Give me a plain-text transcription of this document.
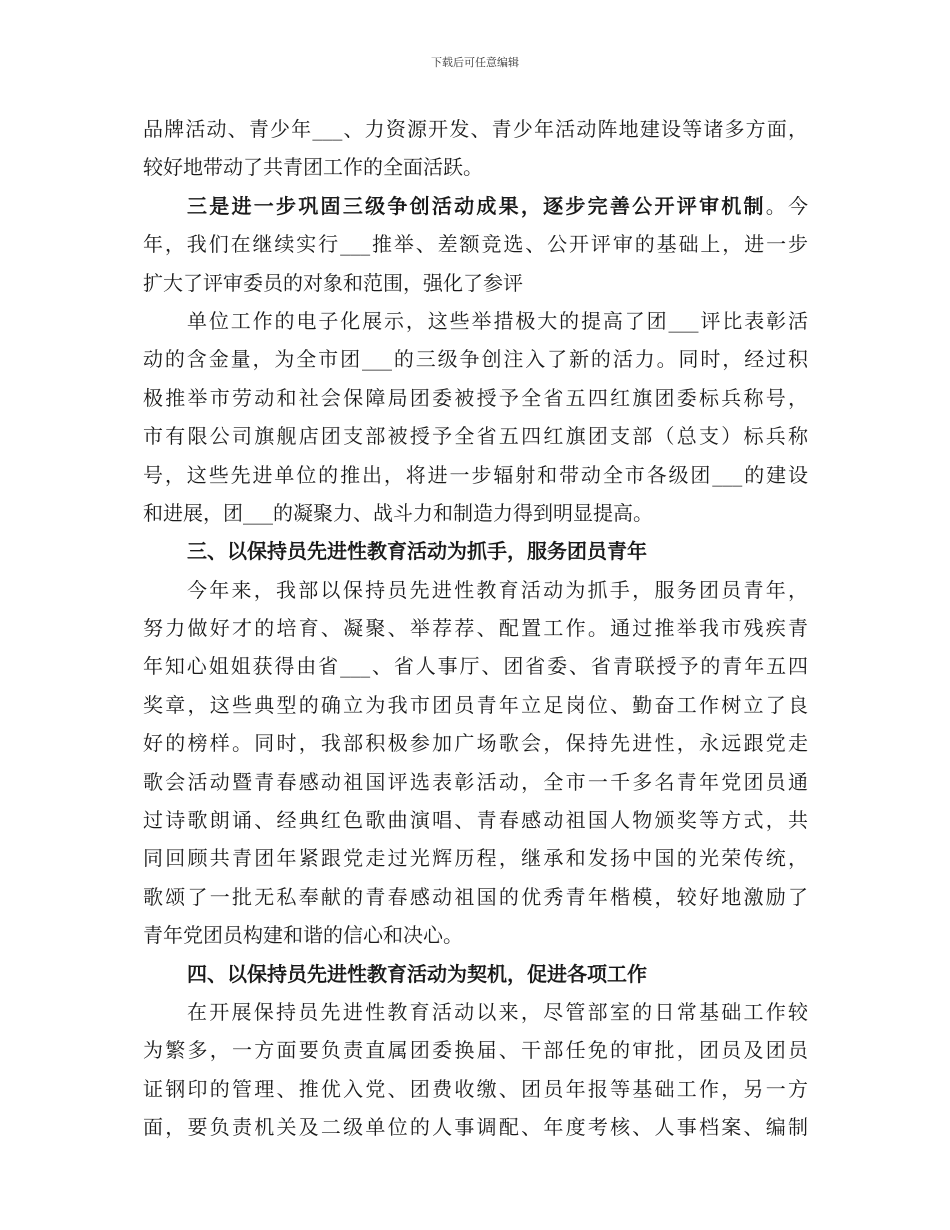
下载后可任意编辑
品牌活动、青少年___、力资源开发、青少年活动阵地建设等诸多方面，
较好地带动了共青团工作的全面活跃。
三是进一步巩固三级争创活动成果，逐步完善公开评审机制。今
年，我们在继续实行___推举、差额竞选、公开评审的基础上，进一步
扩大了评审委员的对象和范围，强化了参评
单位工作的电子化展示，这些举措极大的提高了团___评比表彰活
动的含金量，为全市团___的三级争创注入了新的活力。同时，经过积
极推举市劳动和社会保障局团委被授予全省五四红旗团委标兵称号，
市有限公司旗舰店团支部被授予全省五四红旗团支部（总支）标兵称
号，这些先进单位的推出，将进一步辐射和带动全市各级团___的建设
和进展，团___的凝聚力、战斗力和制造力得到明显提高。
三、以保持员先进性教育活动为抓手，服务团员青年
今年来，我部以保持员先进性教育活动为抓手，服务团员青年，
努力做好才的培育、凝聚、举荐荐、配置工作。通过推举我市残疾青
年知心姐姐获得由省___、省人事厅、团省委、省青联授予的青年五四
奖章，这些典型的确立为我市团员青年立足岗位、勤奋工作树立了良
好的榜样。同时，我部积极参加广场歌会，保持先进性，永远跟党走
歌会活动暨青春感动祖国评选表彰活动，全市一千多名青年党团员通
过诗歌朗诵、经典红色歌曲演唱、青春感动祖国人物颁奖等方式，共
同回顾共青团年紧跟党走过光辉历程，继承和发扬中国的光荣传统，
歌颂了一批无私奉献的青春感动祖国的优秀青年楷模，较好地激励了
青年党团员构建和谐的信心和决心。
四、以保持员先进性教育活动为契机，促进各项工作
在开展保持员先进性教育活动以来，尽管部室的日常基础工作较
为繁多，一方面要负责直属团委换届、干部任免的审批，团员及团员
证钢印的管理、推优入党、团费收缴、团员年报等基础工作，另一方
面，要负责机关及二级单位的人事调配、年度考核、人事档案、编制
